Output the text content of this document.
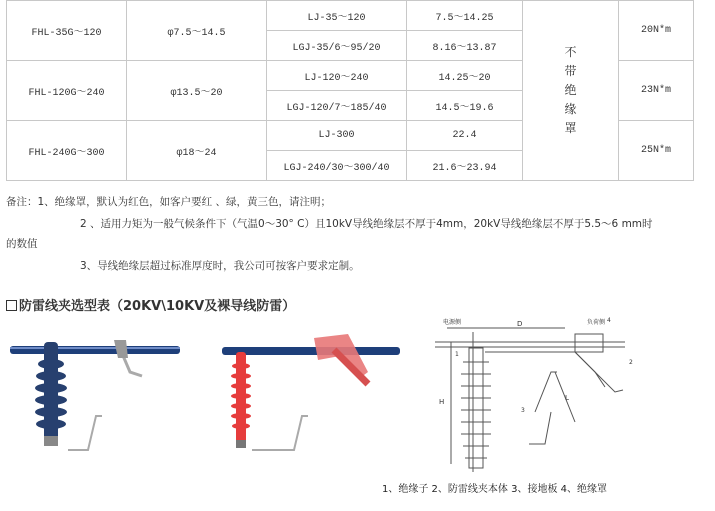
FHL-35G～120	φ7.5～14.5	LJ-35～120	7.5～14.25	不带绝缘罩	20N*m
		LGJ-35/6～95/20	8.16～13.87		
FHL-120G～240	φ13.5～20	LJ-120～240	14.25～20		23N*m
		LGJ-120/7～185/40	14.5～19.6		
FHL-240G～300	φ18～24	LJ-300	22.4		25N*m
		LGJ-240/30～300/40	21.6～23.94		
备注：1、绝缘罩，默认为红色，如客户要红 、绿，黄三色，请注明；
2 、适用力矩为一般气候条件下（气温0～30° C）且10kV导线绝缘层不厚于4mm，20kV导线绝缘层不厚于5.5～6 mm时
的数值
3、导线绝缘层超过标准厚度时，我公司可按客户要求定制。
防雷线夹选型表（20KV\10KV及裸导线防雷）
电源侧	负荷侧
D
H	L
1
2
3
4
1、绝缘子 2、防雷线夹本体 3、接地板 4、绝缘罩
